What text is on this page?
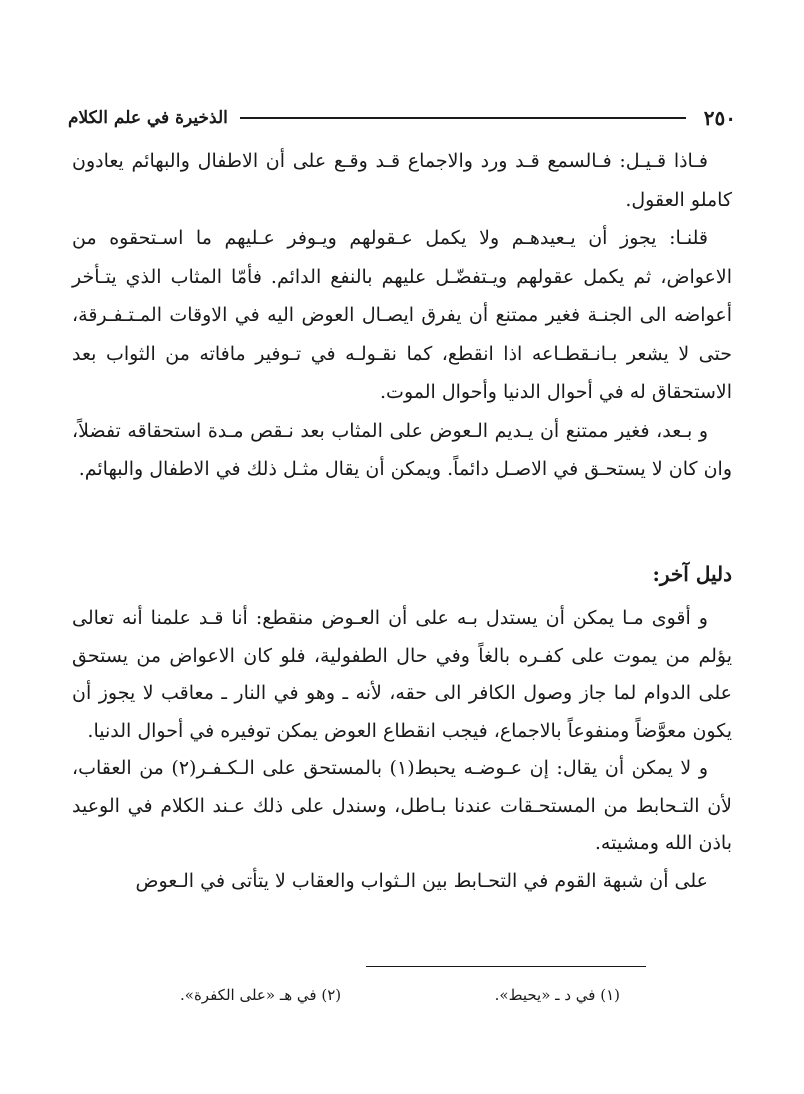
٢٥٠
الذخيرة في علم الكلام

فـاذا قـيـل: فـالسمع قـد ورد والاجماع قـد وقـع على أن الاطفال والبهائم يعادون كاملو العقول.

قلنـا: يجوز أن يـعيدهـم ولا يكمل عـقولهم ويـوفر عـليهم ما اسـتحقوه من الاعواض، ثم يكمل عقولهم ويـتفضّـل عليهم بالنفع الدائم. فأمّا المثاب الذي يتـأخر أعواضه الى الجنـة فغير ممتنع أن يفرق ايصـال العوض اليه في الاوقات المـتـفـرقة، حتى لا يشعر بـانـقطـاعه اذا انقطع، كما نقـولـه في تـوفير مافاته من الثواب بعد الاستحقاق له في أحوال الدنيا وأحوال الموت.

و بـعد، فغير ممتنع أن يـديم الـعوض على المثاب بعد نـقص مـدة استحقاقه تفضلاً، وان كان لا يستحـق في الاصـل دائماً. ويمكن أن يقال مثـل ذلك في الاطفال والبهائم.

دليل آخر:

و أقوى مـا يمكن أن يستدل بـه على أن العـوض منقطع: أنا قـد علمنا أنه تعالى يؤلم من يموت على كفـره بالغاً وفي حال الطفولية، فلو كان الاعواض من يستحق على الدوام لما جاز وصول الكافر الى حقه، لأنه ـ وهو في النار ـ معاقب لا يجوز أن يكون معوَّضاً ومنفوعاً بالاجماع، فيجب انقطاع العوض يمكن توفيره في أحوال الدنيا.

و لا يمكن أن يقال: إن عـوضـه يحبط(١) بالمستحق على الـكـفـر(٢) من العقاب، لأن التـحابط من المستحـقات عندنا بـاطل، وسندل على ذلك عـند الكلام في الوعيد باذن الله ومشيته.

على أن شبهة القوم في التحـابط بين الـثواب والعقاب لا يتأتى في الـعوض

(١) في د ـ «يحيط».
(٢) في هـ «على الكفرة».
